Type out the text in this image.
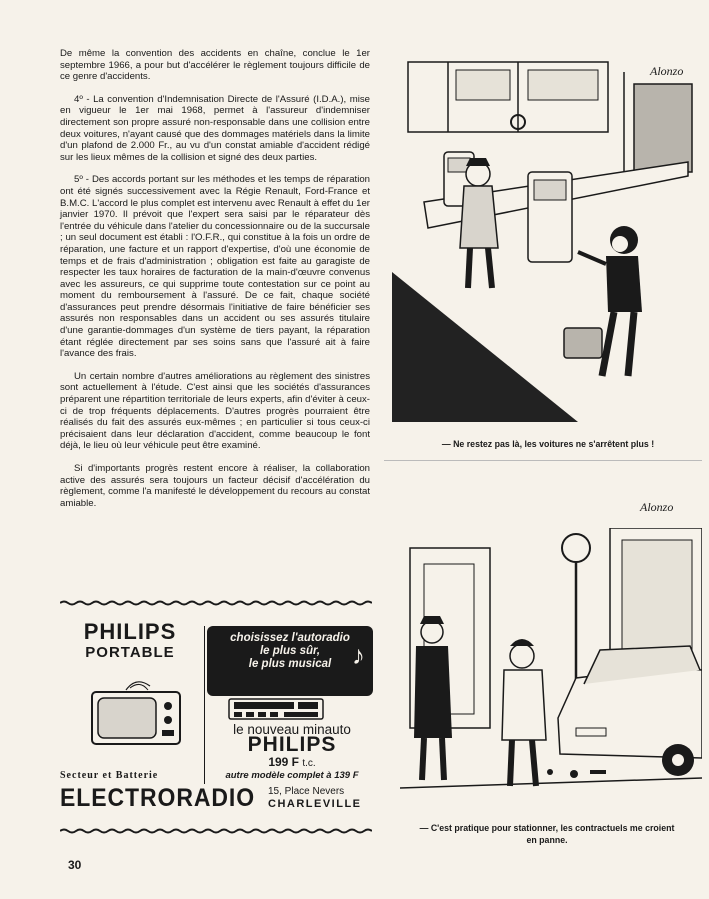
De même la convention des accidents en chaîne, conclue le 1er septembre 1966, a pour but d'accélérer le règlement toujours difficile de ce genre d'accidents.

4º - La convention d'Indemnisation Directe de l'Assuré (I.D.A.), mise en vigueur le 1er mai 1968, permet à l'assureur d'indemniser directement son propre assuré non-responsable dans une collision entre deux voitures, n'ayant causé que des dommages matériels dans la limite d'un plafond de 2.000 Fr., au vu d'un constat amiable d'accident rédigé sur les lieux mêmes de la collision et signé des deux parties.

5º - Des accords portant sur les méthodes et les temps de réparation ont été signés successivement avec la Régie Renault, Ford-France et B.M.C. L'accord le plus complet est intervenu avec Renault à effet du 1er janvier 1970. Il prévoit que l'expert sera saisi par le réparateur dès l'entrée du véhicule dans l'atelier du concessionnaire ou de la succursale ; un seul document est établi : l'O.F.R., qui constitue à la fois un ordre de réparation, une facture et un rapport d'expertise, d'où une économie de temps et de frais d'administration ; obligation est faite au garagiste de respecter les taux horaires de facturation de la main-d'œuvre convenus avec les assureurs, ce qui supprime toute contestation sur ce point au moment du remboursement à l'assuré. De ce fait, chaque société d'assurances peut prendre désormais l'initiative de faire bénéficier ses assurés non responsables dans un accident ou ses assurés titulaire d'une garantie-dommages d'un système de tiers payant, la réparation étant réglée directement par ses soins sans que l'assuré ait à faire l'avance des frais.

Un certain nombre d'autres améliorations au règlement des sinistres sont actuellement à l'étude. C'est ainsi que les sociétés d'assurances préparent une répartition territoriale de leurs experts, afin d'éviter à ceux-ci de trop fréquents déplacements. D'autres progrès pourraient être réalisés du fait des assurés eux-mêmes ; en particulier si tous ceux-ci précisaient dans leur déclaration d'accident, comme beaucoup le font déjà, le lieu où leur véhicule peut être examiné.

Si d'importants progrès restent encore à réaliser, la collaboration active des assurés sera toujours un facteur décisif d'accélération du règlement, comme l'a manifesté le développement du recours au constat amiable.

PHILIPS
PORTABLE
Secteur et Batterie
ELECTRORADIO
choisissez l'autoradio
le plus sûr,
le plus musical ♪
le nouveau minauto
PHILIPS
199 F t.c.
autre modèle complet à 139 F
15, Place Nevers
CHARLEVILLE
30
Alonzo
— Ne restez pas là, les voitures ne s'arrêtent plus !
Alonzo
— C'est pratique pour stationner, les contractuels me croient
en panne.
